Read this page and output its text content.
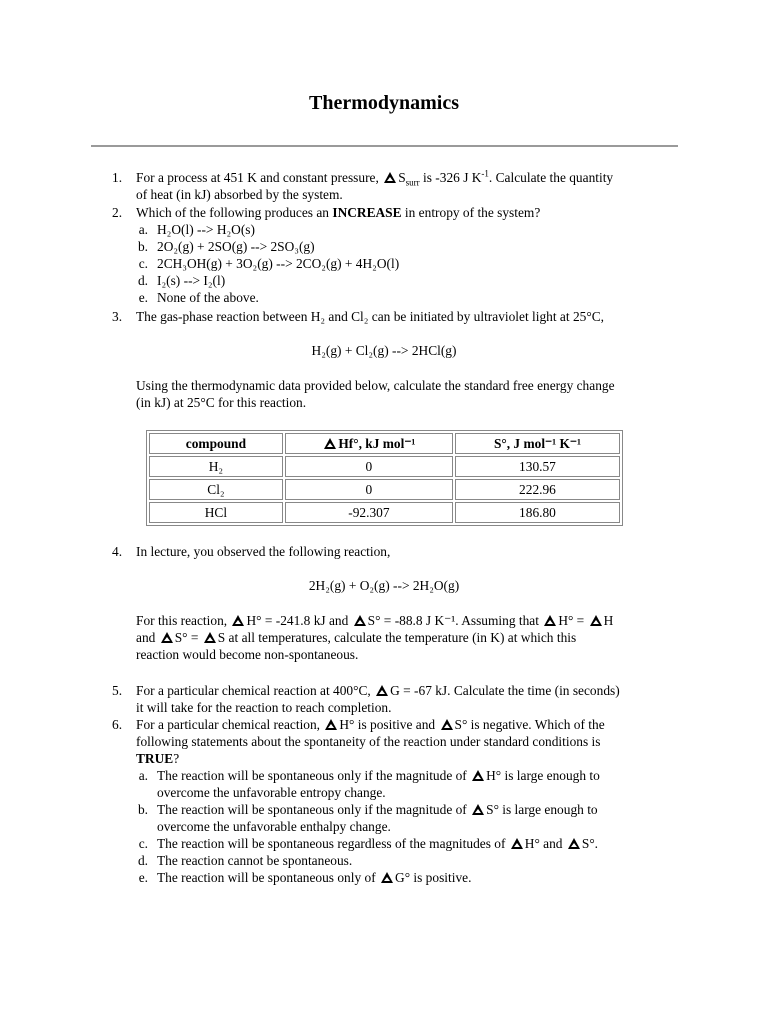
Thermodynamics
1. For a process at 451 K and constant pressure, $S_{surr}$ is -326 J $K^{-1}$. Calculate the quantity
of heat (in kJ) absorbed by the system.
2. Which of the following produces an INCREASE in entropy of the system?
a. H₂O(l) --> H₂O(s)
b. 2O₂(g) + 2SO(g) --> 2SO₃(g)
c. 2CH₃OH(g) + 3O₂(g) --> 2CO₂(g) + 4H₂O(l)
d. I₂(s) --> I₂(l)
e. None of the above.
3. The gas-phase reaction between H₂ and Cl₂ can be initiated by ultraviolet light at 25°C,
H₂(g) + Cl₂(g) --> 2HCl(g)
Using the thermodynamic data provided below, calculate the standard free energy change
(in kJ) at 25°C for this reaction.
compound	Hf°, kJ mol⁻¹	S°, J mol⁻¹ K⁻¹
H₂	0	130.57
Cl₂	0	222.96
HCl	-92.307	186.80
4. In lecture, you observed the following reaction,
2H₂(g) + O₂(g) --> 2H₂O(g)
For this reaction, H° = -241.8 kJ and S° = -88.8 J K⁻¹. Assuming that H° = H
and S° = S at all temperatures, calculate the temperature (in K) at which this
reaction would become non-spontaneous.
5. For a particular chemical reaction at 400°C, G = -67 kJ. Calculate the time (in seconds)
it will take for the reaction to reach completion.
6. For a particular chemical reaction, H° is positive and S° is negative. Which of the
following statements about the spontaneity of the reaction under standard conditions is
TRUE?
a. The reaction will be spontaneous only if the magnitude of H° is large enough to
overcome the unfavorable entropy change.
b. The reaction will be spontaneous only if the magnitude of S° is large enough to
overcome the unfavorable enthalpy change.
c. The reaction will be spontaneous regardless of the magnitudes of H° and S°.
d. The reaction cannot be spontaneous.
e. The reaction will be spontaneous only of G° is positive.
